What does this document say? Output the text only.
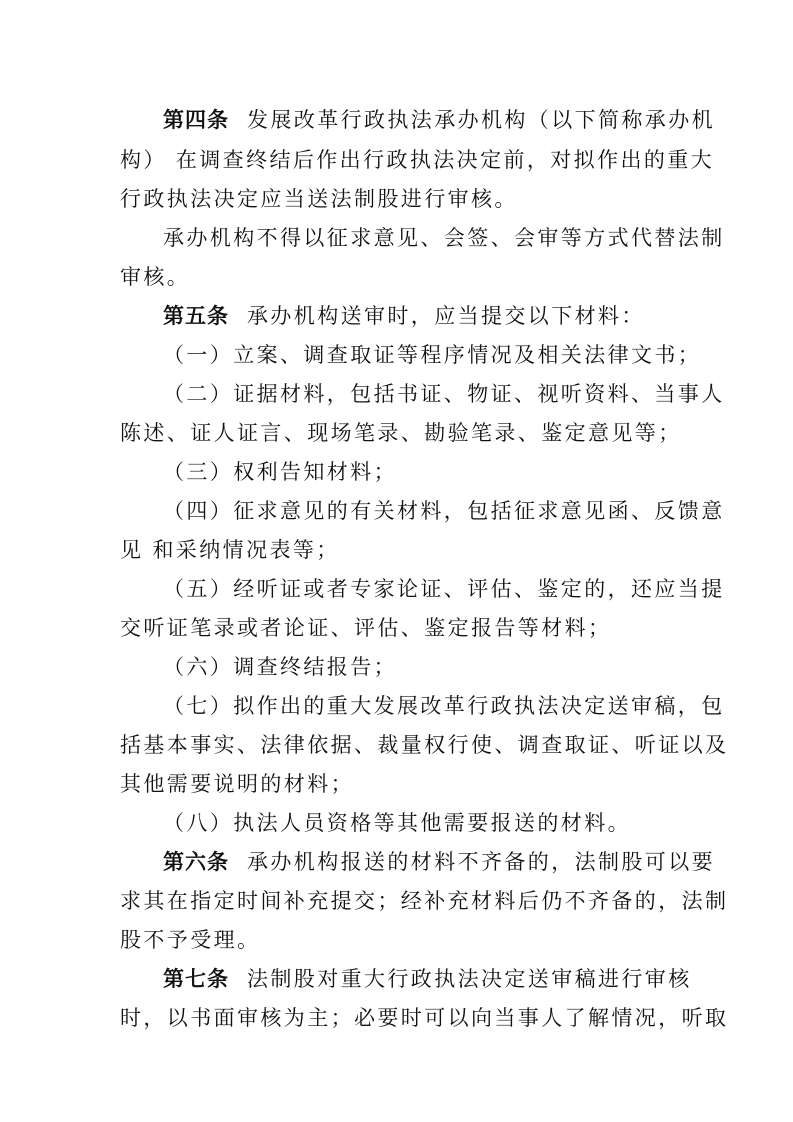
第四条 发展改革行政执法承办机构（以下简称承办机
构） 在调查终结后作出行政执法决定前，对拟作出的重大
行政执法决定应当送法制股进行审核。
承办机构不得以征求意见、会签、会审等方式代替法制
审核。
第五条 承办机构送审时，应当提交以下材料：
（一）立案、调查取证等程序情况及相关法律文书；
（二）证据材料，包括书证、物证、视听资料、当事人
陈述、证人证言、现场笔录、勘验笔录、鉴定意见等；
（三）权利告知材料；
（四）征求意见的有关材料，包括征求意见函、反馈意
见 和采纳情况表等；
（五）经听证或者专家论证、评估、鉴定的，还应当提
交听证笔录或者论证、评估、鉴定报告等材料；
（六）调查终结报告；
（七）拟作出的重大发展改革行政执法决定送审稿，包
括基本事实、法律依据、裁量权行使、调查取证、听证以及
其他需要说明的材料；
（八）执法人员资格等其他需要报送的材料。
第六条 承办机构报送的材料不齐备的，法制股可以要
求其在指定时间补充提交；经补充材料后仍不齐备的，法制
股不予受理。
第七条 法制股对重大行政执法决定送审稿进行审核
时，以书面审核为主；必要时可以向当事人了解情况，听取
